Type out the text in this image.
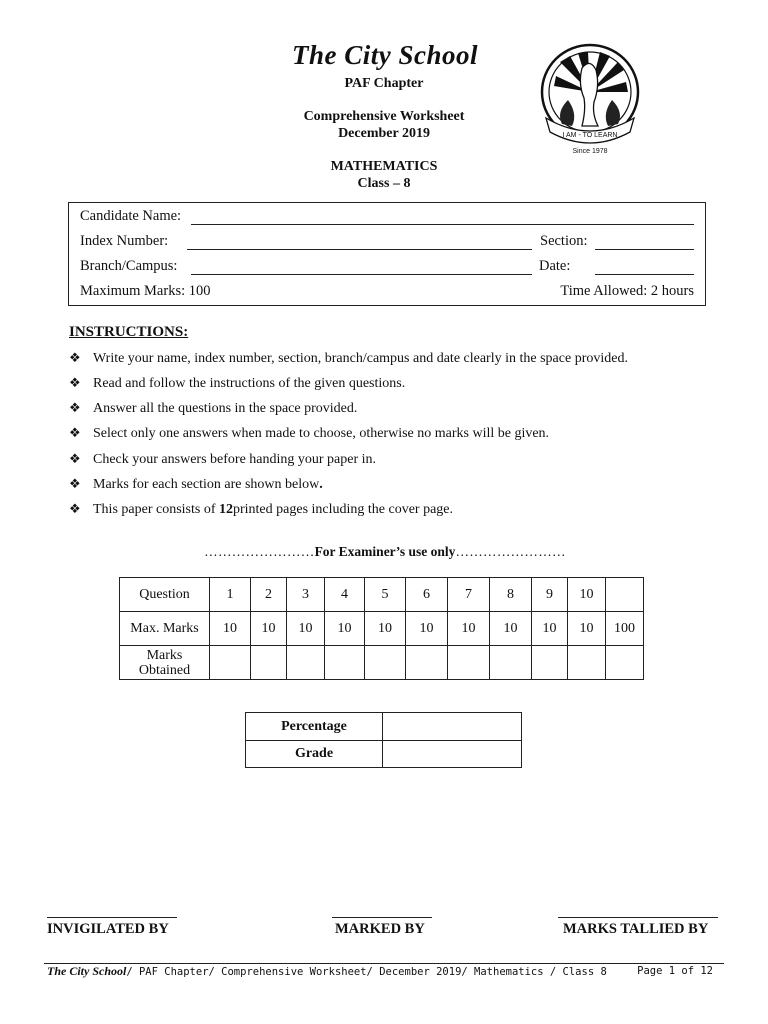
The City School
PAF Chapter
Comprehensive Worksheet
December 2019
MATHEMATICS
Class – 8
I AM - TO LEARN
Since 1978
Candidate Name:
Index Number:	Section:
Branch/Campus:	Date:
Maximum Marks: 100	Time Allowed: 2 hours
INSTRUCTIONS:
❖ Write your name, index number, section, branch/campus and date clearly in the space provided.
❖ Read and follow the instructions of the given questions.
❖ Answer all the questions in the space provided.
❖ Select only one answers when made to choose, otherwise no marks will be given.
❖ Check your answers before handing your paper in.
❖ Marks for each section are shown below.
❖ This paper consists of 12printed pages including the cover page.
……………………For Examiner’s use only……………………
Question	1	2	3	4	5	6	7	8	9	10	
Max. Marks	10	10	10	10	10	10	10	10	10	10	100
Marks Obtained											
Percentage	
Grade	
INVIGILATED BY	MARKED BY	MARKS TALLIED BY
The City School/ PAF Chapter/ Comprehensive Worksheet/ December 2019/ Mathematics / Class 8	Page 1 of 12
